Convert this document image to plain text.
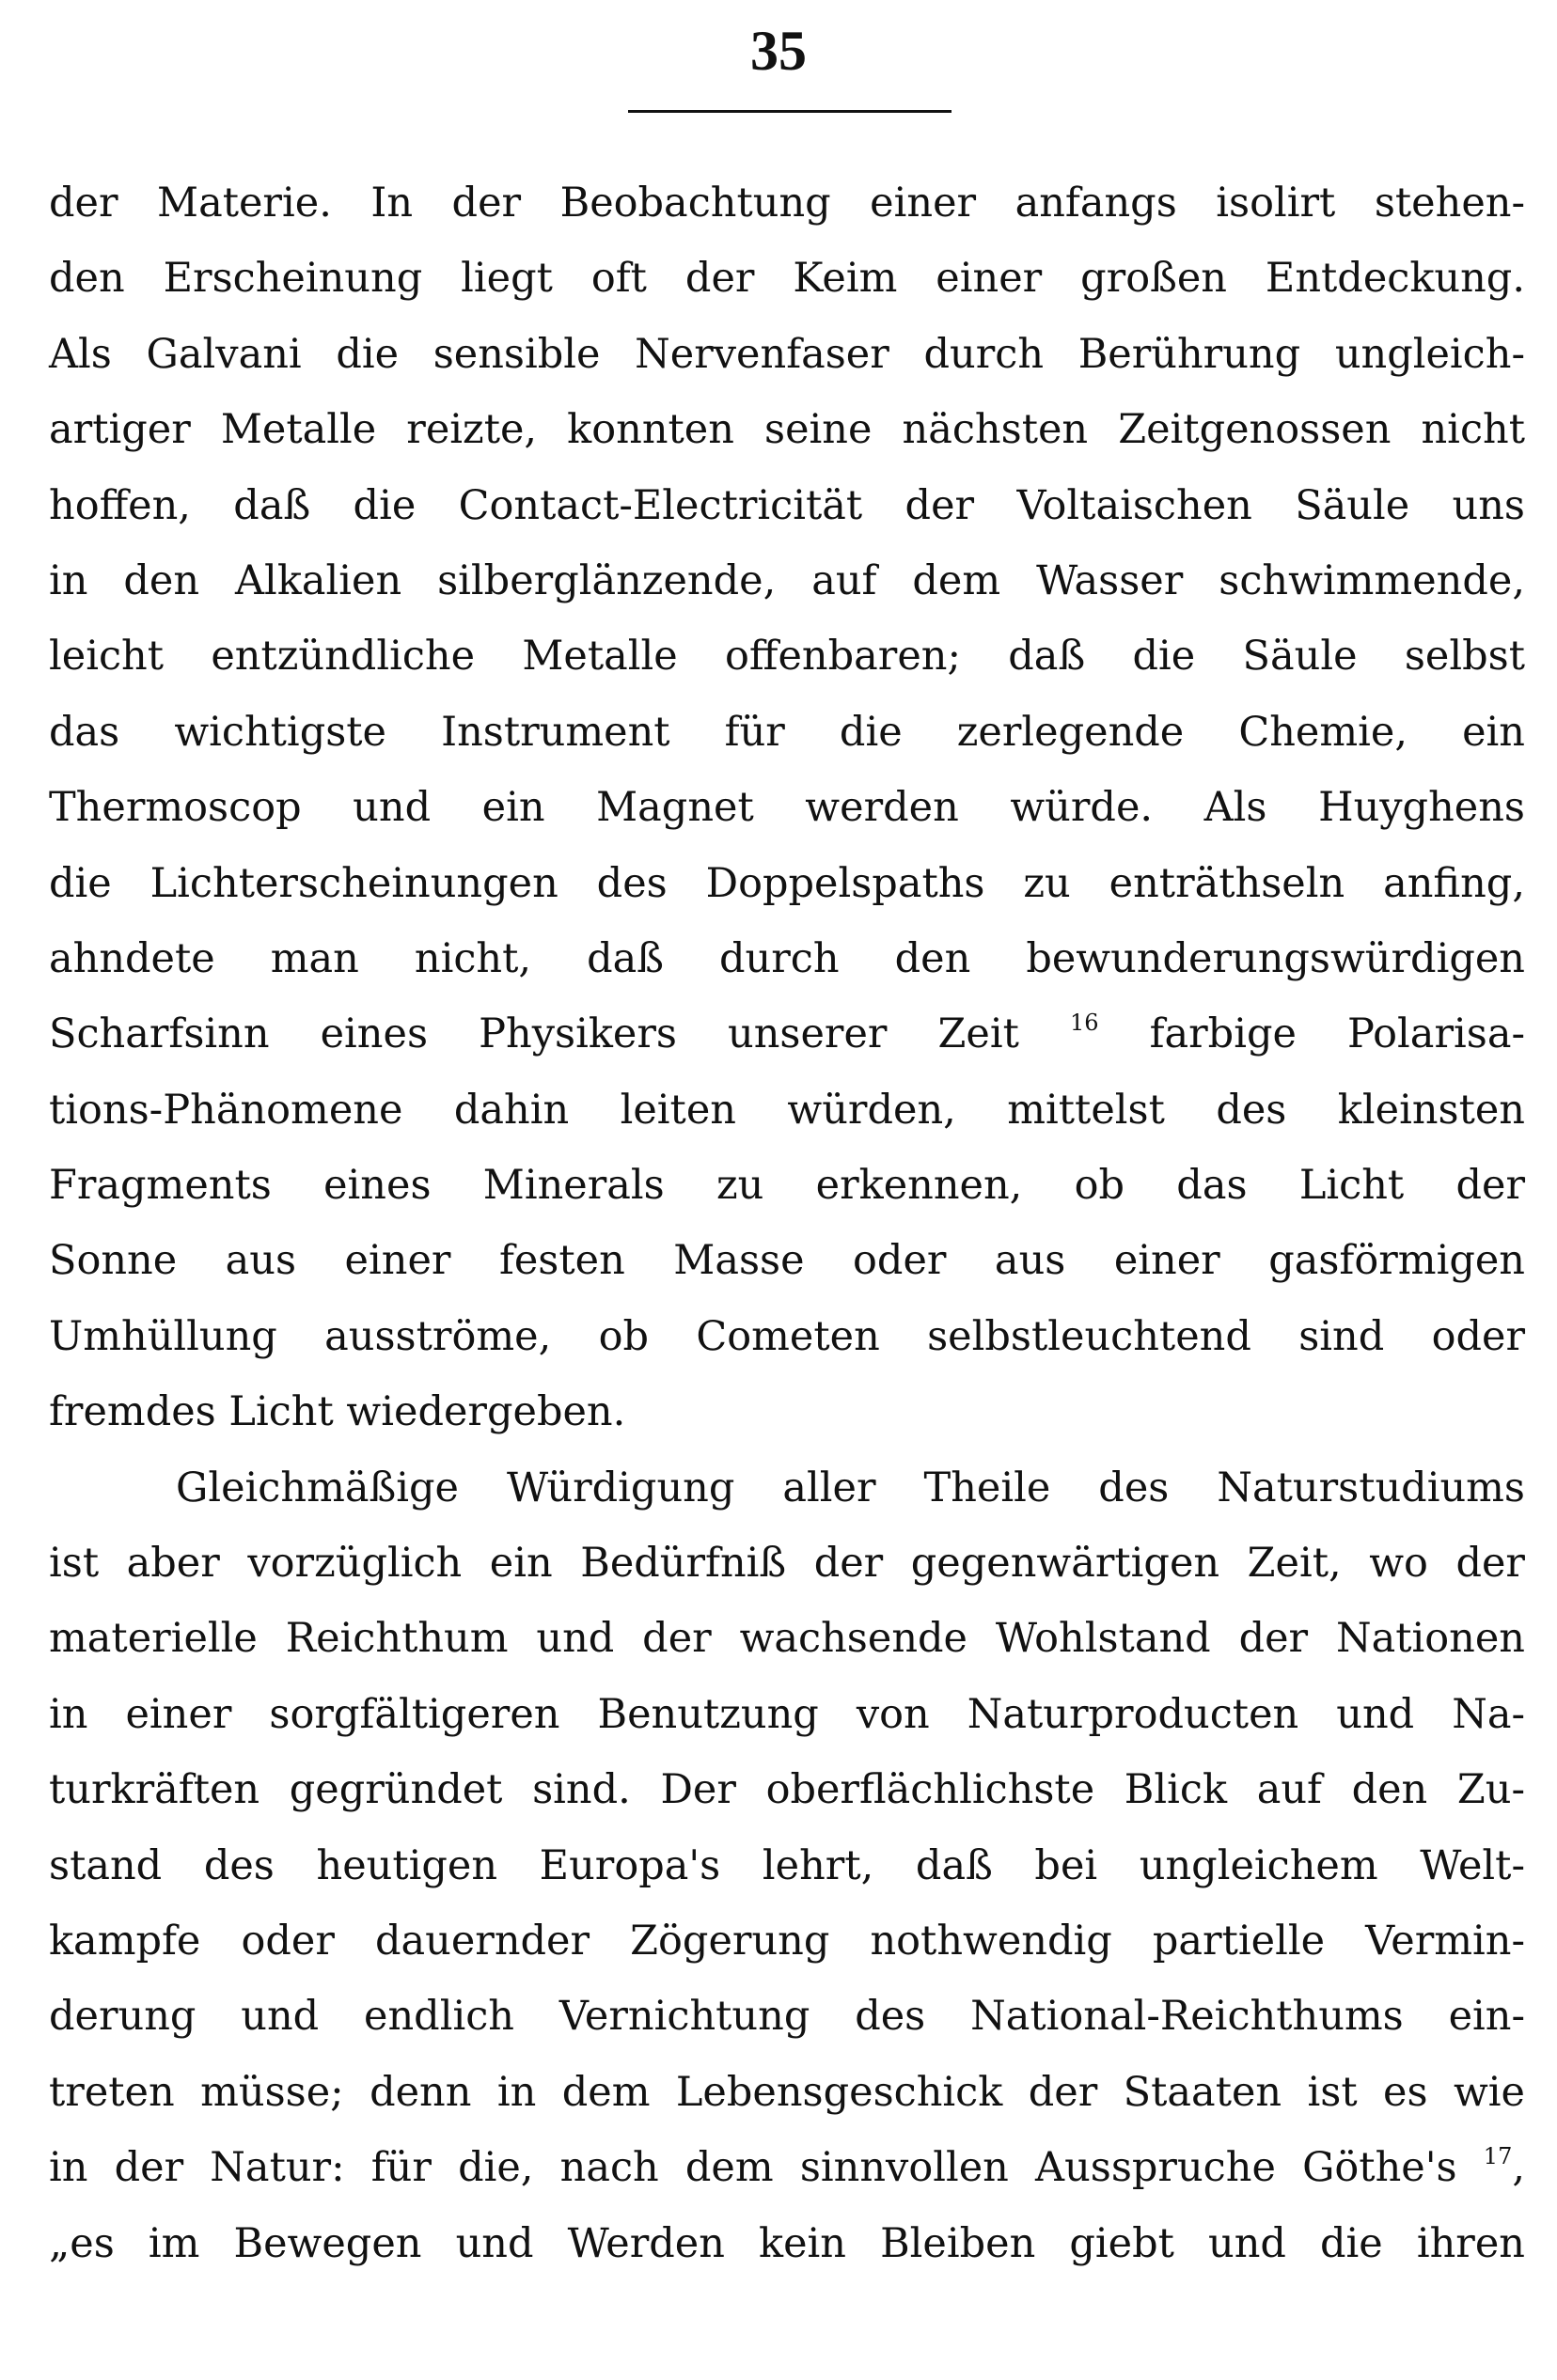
35
der Materie. In der Beobachtung einer anfangs isolirt stehen-
den Erscheinung liegt oft der Keim einer großen Entdeckung.
Als Galvani die sensible Nervenfaser durch Berührung ungleich-
artiger Metalle reizte, konnten seine nächsten Zeitgenossen nicht
hoffen, daß die Contact-Electricität der Voltaischen Säule uns
in den Alkalien silberglänzende, auf dem Wasser schwimmende,
leicht entzündliche Metalle offenbaren; daß die Säule selbst
das wichtigste Instrument für die zerlegende Chemie, ein
Thermoscop und ein Magnet werden würde. Als Huyghens
die Lichterscheinungen des Doppelspaths zu enträthseln anfing,
ahndete man nicht, daß durch den bewunderungswürdigen
Scharfsinn eines Physikers unserer Zeit $^{16}$ farbige Polarisa-
tions-Phänomene dahin leiten würden, mittelst des kleinsten
Fragments eines Minerals zu erkennen, ob das Licht der
Sonne aus einer festen Masse oder aus einer gasförmigen
Umhüllung ausströme, ob Cometen selbstleuchtend sind oder
fremdes Licht wiedergeben.
Gleichmäßige Würdigung aller Theile des Naturstudiums
ist aber vorzüglich ein Bedürfniß der gegenwärtigen Zeit, wo der
materielle Reichthum und der wachsende Wohlstand der Nationen
in einer sorgfältigeren Benutzung von Naturproducten und Na-
turkräften gegründet sind. Der oberflächlichste Blick auf den Zu-
stand des heutigen Europa's lehrt, daß bei ungleichem Welt-
kampfe oder dauernder Zögerung nothwendig partielle Vermin-
derung und endlich Vernichtung des National-Reichthums ein-
treten müsse; denn in dem Lebensgeschick der Staaten ist es wie
in der Natur: für die, nach dem sinnvollen Ausspruche Göthe's $^{17}$,
„es im Bewegen und Werden kein Bleiben giebt und die ihren
